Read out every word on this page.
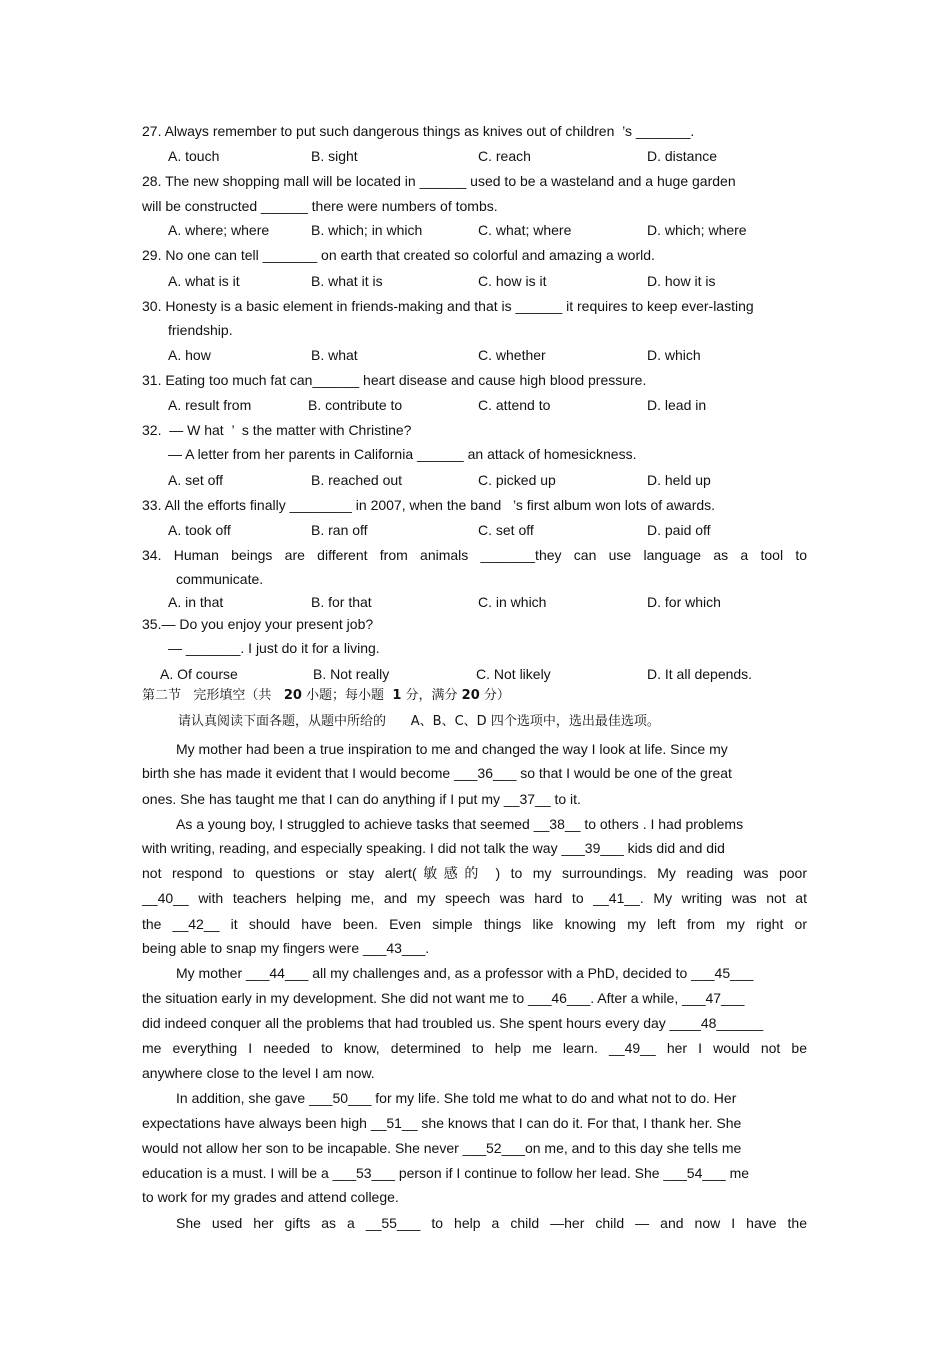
27. Always remember to put such dangerous things as knives out of children  ’s _______.
A. touch	B. sight	C. reach	D. distance
28. The new shopping mall will be located in ______ used to be a wasteland and a huge garden
will be constructed ______ there were numbers of tombs.
A. where; where	B. which; in which	C. what; where	D. which; where
29. No one can tell _______ on earth that created so colorful and amazing a world.
A. what is it	B. what it is	C. how is it	D. how it is
30. Honesty is a basic element in friends-making and that is ______ it requires to keep ever-lasting
friendship.
A. how	B. what	C. whether	D. which
31. Eating too much fat can______ heart disease and cause high blood pressure.
A. result from	B. contribute to	C. attend to	D. lead in
32.  — W hat  ’  s the matter with Christine?
— A letter from her parents in California ______ an attack of homesickness.
A. set off	B. reached out	C. picked up	D. held up
33. All the efforts finally ________ in 2007, when the band   ’s first album won lots of awards.
A. took off	B. ran off	C. set off	D. paid off
34. Human beings are different from animals _______they can use language as a tool to
communicate.
A. in that	B. for that	C. in which	D. for which
35.— Do you enjoy your present job?
— _______. I just do it for a living.
A. Of course	B. Not really	C. Not likely	D. It all depends.
第二节   完形填空（共 20 小题；每小题 1 分，满分 20 分）
请认真阅读下面各题，从题中所给的      A、B、C、D 四个选项中，选出最佳选项。
My mother had been a true inspiration to me and changed the way I look at life. Since my
birth she has made it evident that I would become ___36___ so that I would be one of the great
ones. She has taught me that I can do anything if I put my __37__ to it.
As a young boy, I struggled to achieve tasks that seemed __38__ to others . I had problems
with writing, reading, and especially speaking. I did not talk the way ___39___ kids did and did
not respond to questions or stay alert(敏感的 ) to my surroundings. My reading was poor
__40__ with teachers helping me, and my speech was hard to __41__. My writing was not at
the __42__ it should have been. Even simple things like knowing my left from my right or
being able to snap my fingers were ___43___.
My mother ___44___ all my challenges and, as a professor with a PhD, decided to ___45___
the situation early in my development. She did not want me to ___46___. After a while, ___47___
did indeed conquer all the problems that had troubled us. She spent hours every day ____48______
me everything I needed to know, determined to help me learn. __49__ her I would not be
anywhere close to the level I am now.
In addition, she gave ___50___ for my life. She told me what to do and what not to do. Her
expectations have always been high __51__ she knows that I can do it. For that, I thank her. She
would not allow her son to be incapable. She never ___52___on me, and to this day she tells me
education is a must. I will be a ___53___ person if I continue to follow her lead. She ___54___ me
to work for my grades and attend college.
She used her gifts as a __55___ to help a child —her child — and now I have the
